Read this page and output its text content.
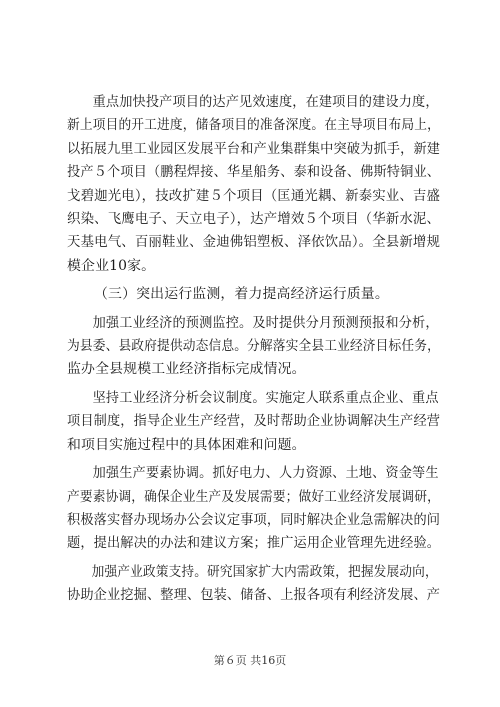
重点加快投产项目的达产见效速度，在建项目的建设力度，
新上项目的开工进度，储备项目的准备深度。在主导项目布局上，
以拓展九里工业园区发展平台和产业集群集中突破为抓手，新建
投产５个项目（鹏程焊接、华星船务、泰和设备、佛斯特铜业、
戈碧迦光电），技改扩建５个项目（匡通光耦、新泰实业、吉盛
织染、飞鹰电子、天立电子），达产增效５个项目（华新水泥、
天基电气、百丽鞋业、金迪佛铝塑板、泽依饮品）。全县新增规
模企业10家。

（三）突出运行监测，着力提高经济运行质量。

加强工业经济的预测监控。及时提供分月预测预报和分析，
为县委、县政府提供动态信息。分解落实全县工业经济目标任务，
监办全县规模工业经济指标完成情况。

坚持工业经济分析会议制度。实施定人联系重点企业、重点
项目制度，指导企业生产经营，及时帮助企业协调解决生产经营
和项目实施过程中的具体困难和问题。

加强生产要素协调。抓好电力、人力资源、土地、资金等生
产要素协调，确保企业生产及发展需要；做好工业经济发展调研，
积极落实督办现场办公会议定事项，同时解决企业急需解决的问
题，提出解决的办法和建议方案；推广运用企业管理先进经验。

加强产业政策支持。研究国家扩大内需政策，把握发展动向，
协助企业挖掘、整理、包装、储备、上报各项有利经济发展、产

第６页 共16页
